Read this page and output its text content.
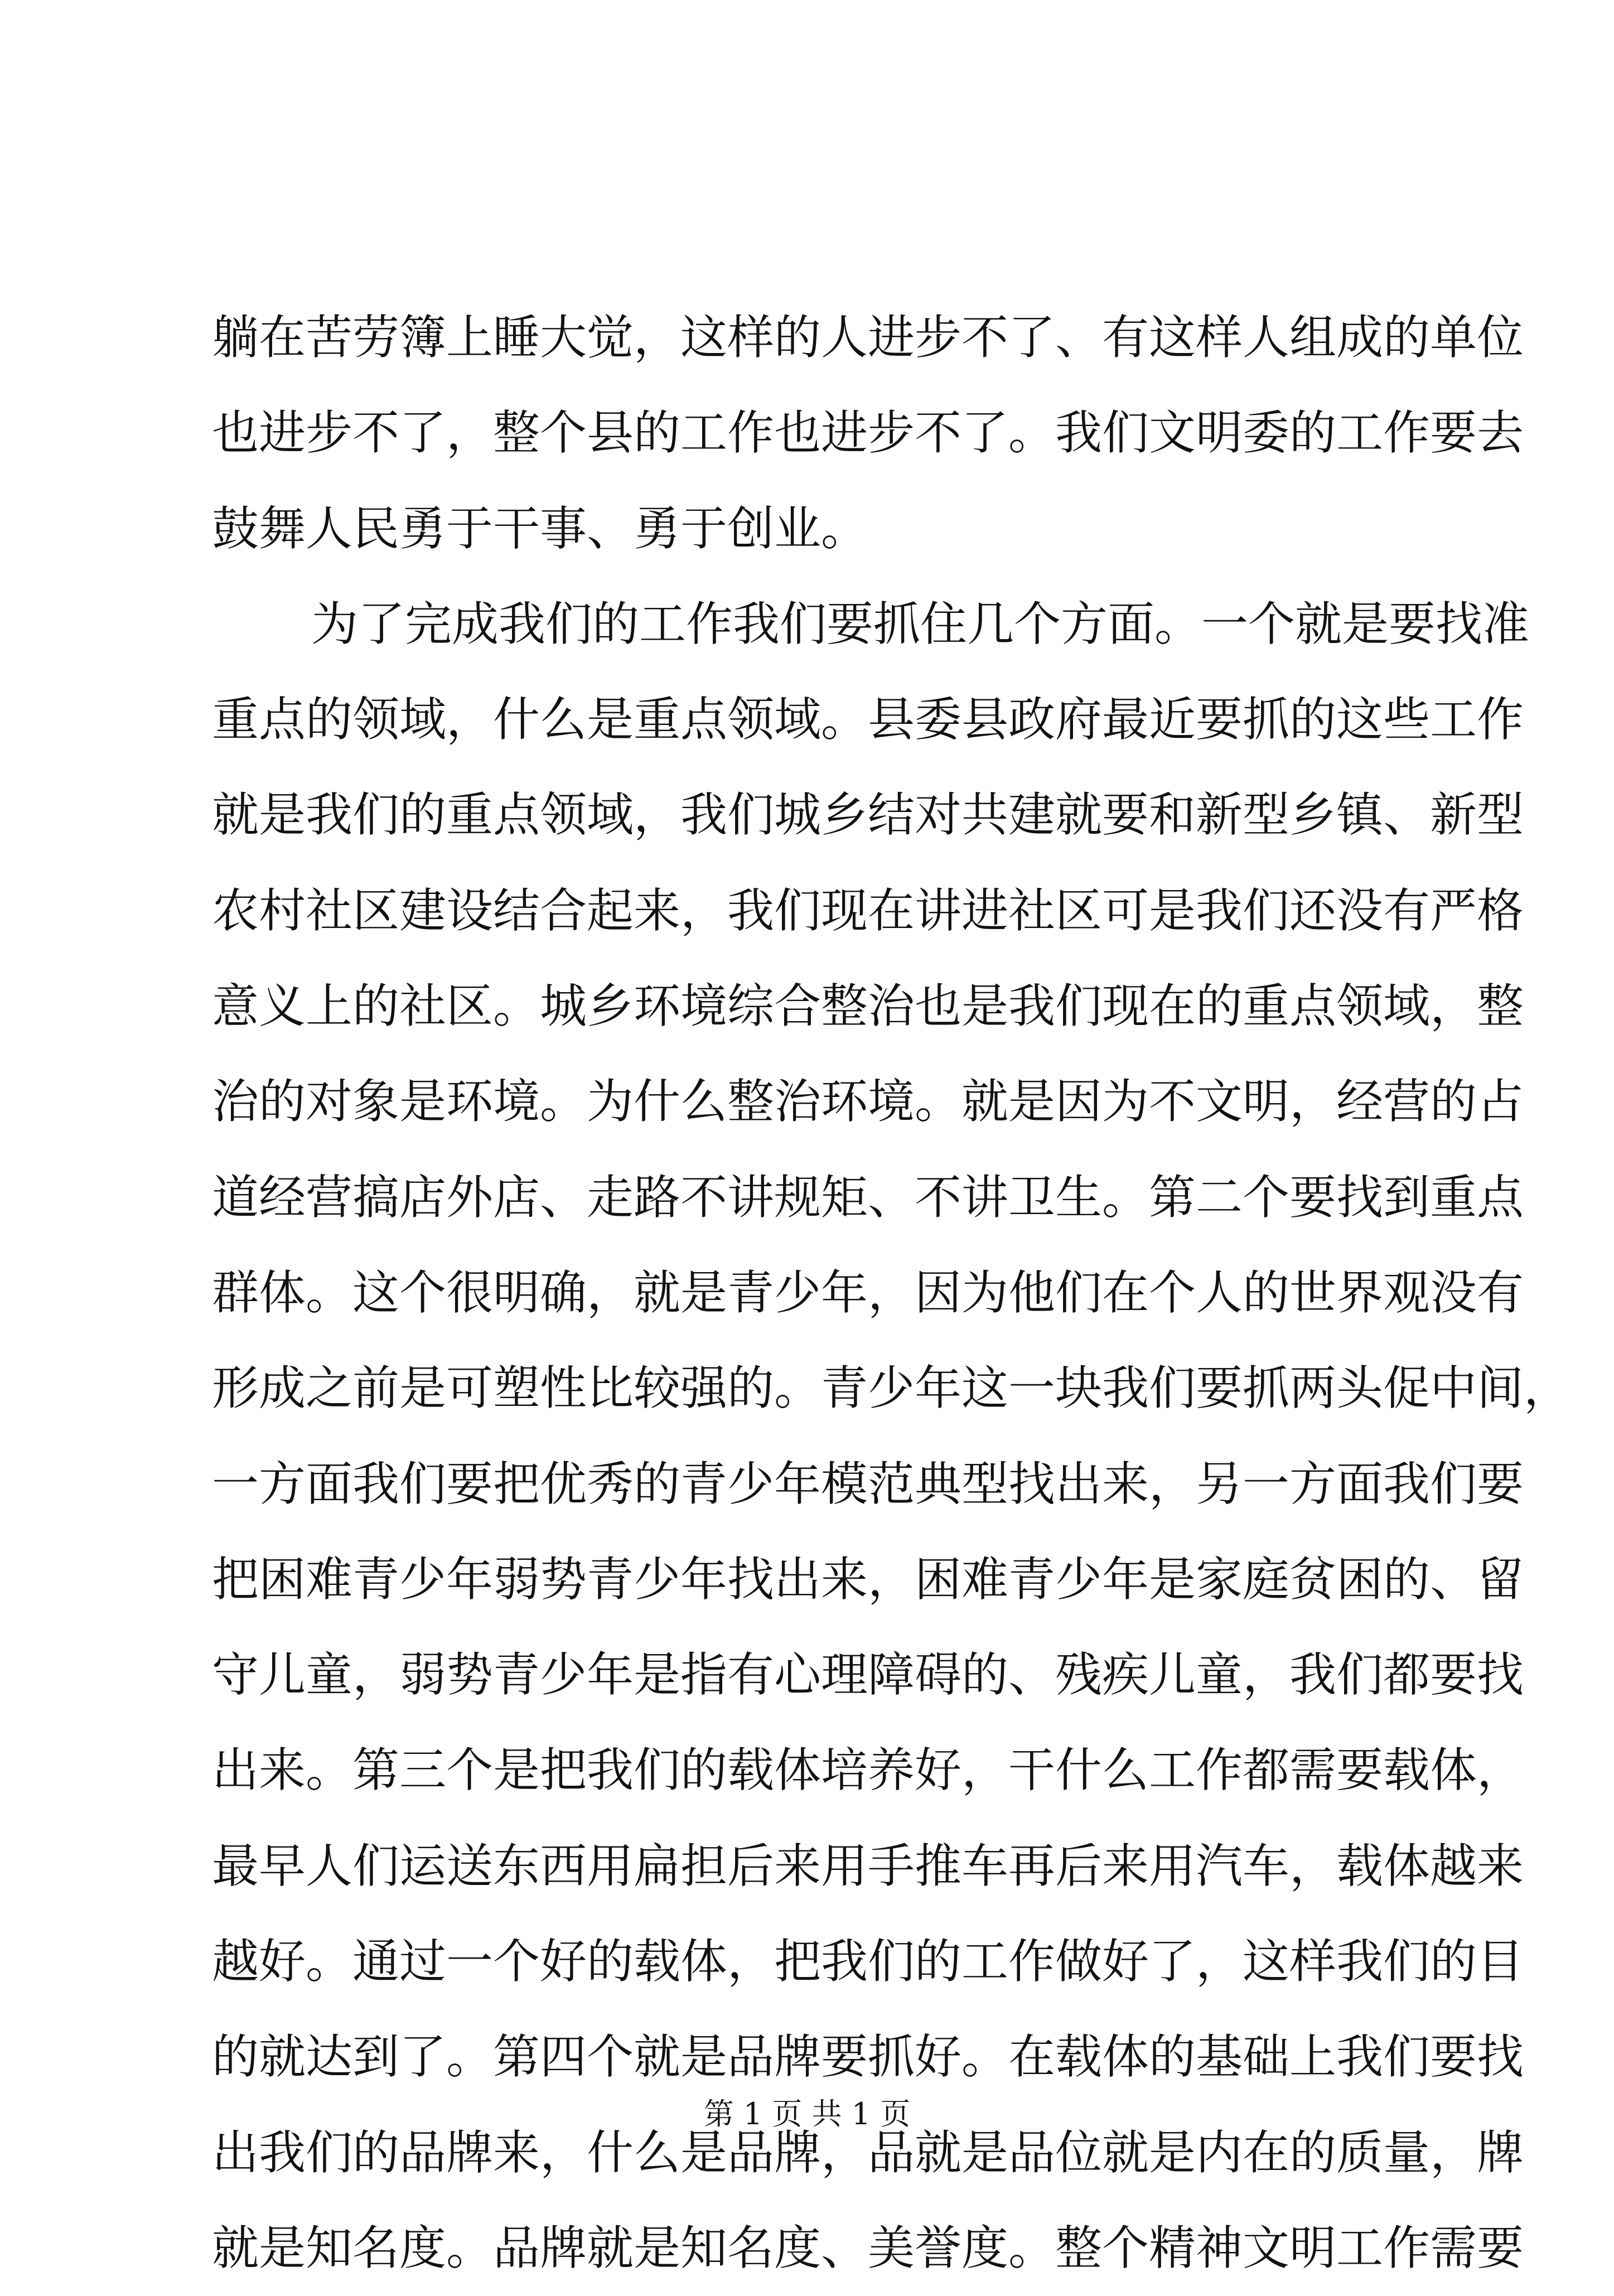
躺在苦劳簿上睡大觉，这样的人进步不了、有这样人组成的单位
也进步不了，整个县的工作也进步不了。我们文明委的工作要去
鼓舞人民勇于干事、勇于创业。
为了完成我们的工作我们要抓住几个方面。一个就是要找准
重点的领域，什么是重点领域。县委县政府最近要抓的这些工作
就是我们的重点领域，我们城乡结对共建就要和新型乡镇、新型
农村社区建设结合起来，我们现在讲进社区可是我们还没有严格
意义上的社区。城乡环境综合整治也是我们现在的重点领域，整
治的对象是环境。为什么整治环境。就是因为不文明，经营的占
道经营搞店外店、走路不讲规矩、不讲卫生。第二个要找到重点
群体。这个很明确，就是青少年，因为他们在个人的世界观没有
形成之前是可塑性比较强的。青少年这一块我们要抓两头促中间，
一方面我们要把优秀的青少年模范典型找出来，另一方面我们要
把困难青少年弱势青少年找出来，困难青少年是家庭贫困的、留
守儿童，弱势青少年是指有心理障碍的、残疾儿童，我们都要找
出来。第三个是把我们的载体培养好，干什么工作都需要载体，
最早人们运送东西用扁担后来用手推车再后来用汽车，载体越来
越好。通过一个好的载体，把我们的工作做好了，这样我们的目
的就达到了。第四个就是品牌要抓好。在载体的基础上我们要找
出我们的品牌来，什么是品牌，品就是品位就是内在的质量，牌
就是知名度。品牌就是知名度、美誉度。整个精神文明工作需要
第 1 页 共 1 页
